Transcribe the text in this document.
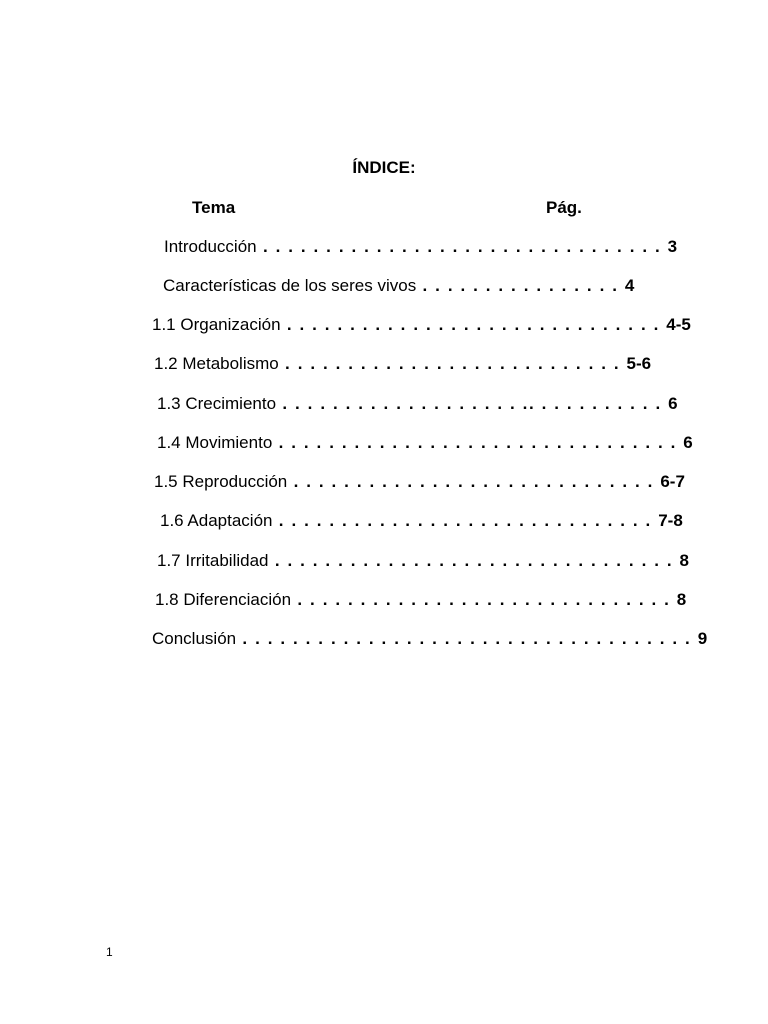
ÍNDICE:
Tema	Pág.
Introducción . . . . . . . . . . . . . . . . . . . . . . . . . . . . . . . . 3
Características de los seres vivos . . . . . . . . . . . . . . . . 4
1.1 Organización . . . . . . . . . . . . . . . . . . . . . . . . . . . . . . 4-5
1.2 Metabolismo . . . . . . . . . . . . . . . . . . . . . . . . . . . 5-6
1.3 Crecimiento . . . . . . . . . . . . . . . . . . . .. . . . . . . . . . . 6
1.4 Movimiento . . . . . . . . . . . . . . . . . . . . . . . . . . . . . . . . 6
1.5 Reproducción . . . . . . . . . . . . . . . . . . . . . . . . . . . . . 6-7
1.6 Adaptación . . . . . . . . . . . . . . . . . . . . . . . . . . . . . . 7-8
1.7 Irritabilidad . . . . . . . . . . . . . . . . . . . . . . . . . . . . . . . . 8
1.8 Diferenciación . . . . . . . . . . . . . . . . . . . . . . . . . . . . . . 8
Conclusión . . . . . . . . . . . . . . . . . . . . . . . . . . . . . . . . . . . . 9
1
